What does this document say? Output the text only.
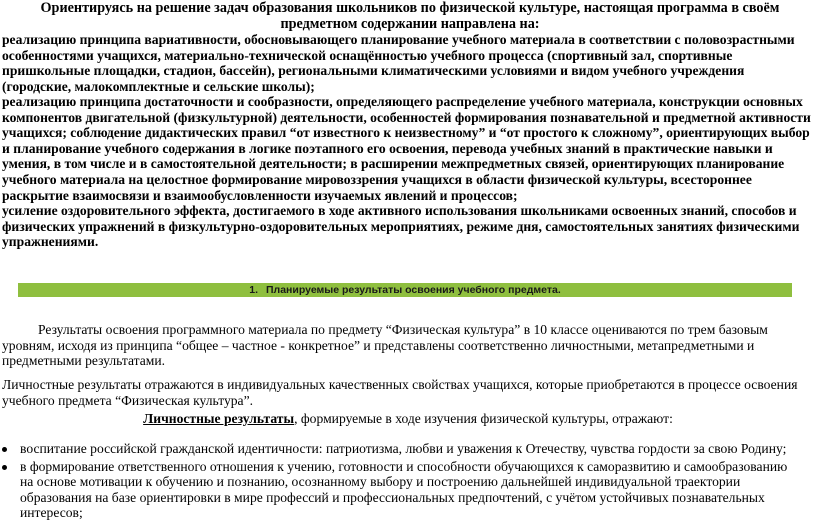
Ориентируясь на решение задач образования школьников по физической культуре, настоящая программа в своём предметном содержании направлена на:
реализацию принципа вариативности, обосновывающего планирование учебного материала в соответствии с половозрастными особенностями учащихся, материально-технической оснащённостью учебного процесса (спортивный зал, спортивные пришкольные площадки, стадион, бассейн), региональными климатическими условиями и видом учебного учреждения (городские, малокомплектные и сельские школы);
реализацию принципа достаточности и сообразности, определяющего распределение учебного материала, конструкции основных компонентов двигательной (физкультурной) деятельности, особенностей формирования познавательной и предметной активности учащихся; соблюдение дидактических правил “от известного к неизвестному” и “от простого к сложному”, ориентирующих выбор и планирование учебного содержания в логике поэтапного его освоения, перевода учебных знаний в практические навыки и умения, в том числе и в самостоятельной деятельности; в расширении межпредметных связей, ориентирующих планирование учебного материала на целостное формирование мировоззрения учащихся в области физической культуры, всестороннее раскрытие взаимосвязи и взаимообусловленности изучаемых явлений и процессов;
усиление оздоровительного эффекта, достигаемого в ходе активного использования школьниками освоенных знаний, способов и физических упражнений в физкультурно-оздоровительных мероприятиях, режиме дня, самостоятельных занятиях физическими упражнениями.
1. Планируемые результаты освоения учебного предмета.
Результаты освоения программного материала по предмету “Физическая культура” в 10 классе оцениваются по трем базовым уровням, исходя из принципа “общее – частное - конкретное” и представлены соответственно личностными, метапредметными и предметными результатами.
Личностные результаты отражаются в индивидуальных качественных свойствах учащихся, которые приобретаются в процессе освоения учебного предмета “Физическая культура”.
Личностные результаты, формируемые в ходе изучения физической культуры, отражают:
воспитание российской гражданской идентичности: патриотизма, любви и уважения к Отечеству, чувства гордости за свою Родину;
в формирование ответственного отношения к учению, готовности и способности обучающихся к саморазвитию и самообразованию на основе мотивации к обучению и познанию, осознанному выбору и построению дальнейшей индивидуальной траектории образования на базе ориентировки в мире профессий и профессиональных предпочтений, с учётом устойчивых познавательных интересов;
